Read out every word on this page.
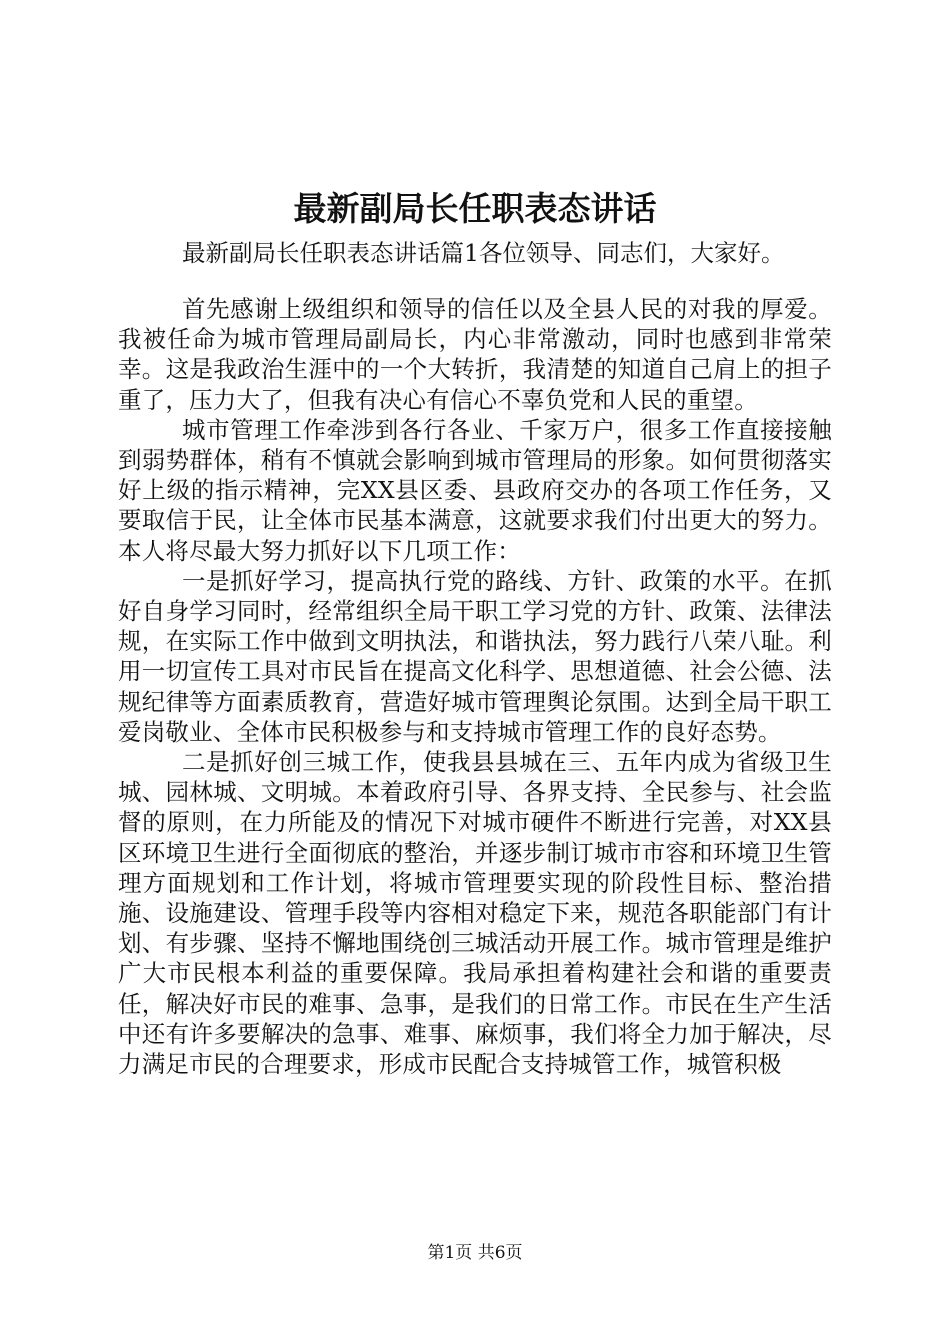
最新副局长任职表态讲话

最新副局长任职表态讲话篇1各位领导、同志们，大家好。

首先感谢上级组织和领导的信任以及全县人民的对我的厚爱。我被任命为城市管理局副局长，内心非常激动，同时也感到非常荣幸。这是我政治生涯中的一个大转折，我清楚的知道自己肩上的担子重了，压力大了，但我有决心有信心不辜负党和人民的重望。

城市管理工作牵涉到各行各业、千家万户，很多工作直接接触到弱势群体，稍有不慎就会影响到城市管理局的形象。如何贯彻落实好上级的指示精神，完XX县区委、县政府交办的各项工作任务，又要取信于民，让全体市民基本满意，这就要求我们付出更大的努力。本人将尽最大努力抓好以下几项工作：

一是抓好学习，提高执行党的路线、方针、政策的水平。在抓好自身学习同时，经常组织全局干职工学习党的方针、政策、法律法规，在实际工作中做到文明执法，和谐执法，努力践行八荣八耻。利用一切宣传工具对市民旨在提高文化科学、思想道德、社会公德、法规纪律等方面素质教育，营造好城市管理舆论氛围。达到全局干职工爱岗敬业、全体市民积极参与和支持城市管理工作的良好态势。

二是抓好创三城工作，使我县县城在三、五年内成为省级卫生城、园林城、文明城。本着政府引导、各界支持、全民参与、社会监督的原则，在力所能及的情况下对城市硬件不断进行完善，对XX县区环境卫生进行全面彻底的整治，并逐步制订城市市容和环境卫生管理方面规划和工作计划，将城市管理要实现的阶段性目标、整治措施、设施建设、管理手段等内容相对稳定下来，规范各职能部门有计划、有步骤、坚持不懈地围绕创三城活动开展工作。城市管理是维护广大市民根本利益的重要保障。我局承担着构建社会和谐的重要责任，解决好市民的难事、急事，是我们的日常工作。市民在生产生活中还有许多要解决的急事、难事、麻烦事，我们将全力加于解决，尽力满足市民的合理要求，形成市民配合支持城管工作，城管积极

第1页 共6页
